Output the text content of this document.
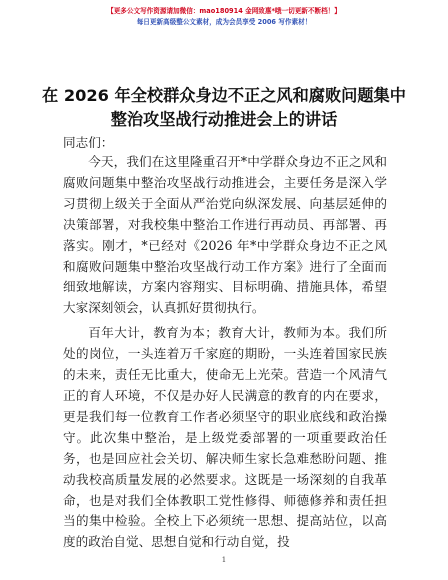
【更多公文写作资源请加微信：mao180914 金网致惠*哦一切更新不断档！】
每日更新高级整公文素材，成为会员享受 2006 写作素材！
在 2026 年全校群众身边不正之风和腐败问题集中整治攻坚战行动推进会上的讲话
同志们：

今天，我们在这里隆重召开*中学群众身边不正之风和腐败问题集中整治攻坚战行动推进会，主要任务是深入学习贯彻上级关于全面从严治党向纵深发展、向基层延伸的决策部署，对我校集中整治工作进行再动员、再部署、再落实。刚才，*已经对《2026 年*中学群众身边不正之风和腐败问题集中整治攻坚战行动工作方案》进行了全面而细致地解读，方案内容翔实、目标明确、措施具体，希望大家深刻领会，认真抓好贯彻执行。

百年大计，教育为本；教育大计，教师为本。我们所处的岗位，一头连着万千家庭的期盼，一头连着国家民族的未来，责任无比重大，使命无上光荣。营造一个风清气正的育人环境，不仅是办好人民满意的教育的内在要求，更是我们每一位教育工作者必须坚守的职业底线和政治操守。此次集中整治，是上级党委部署的一项重要政治任务，也是回应社会关切、解决师生家长急难愁盼问题、推动我校高质量发展的必然要求。这既是一场深刻的自我革命，也是对我们全体教职工党性修得、师德修养和责任担当的集中检验。全校上下必须统一思想、提高站位，以高度的政治自觉、思想自觉和行动自觉，投

1
